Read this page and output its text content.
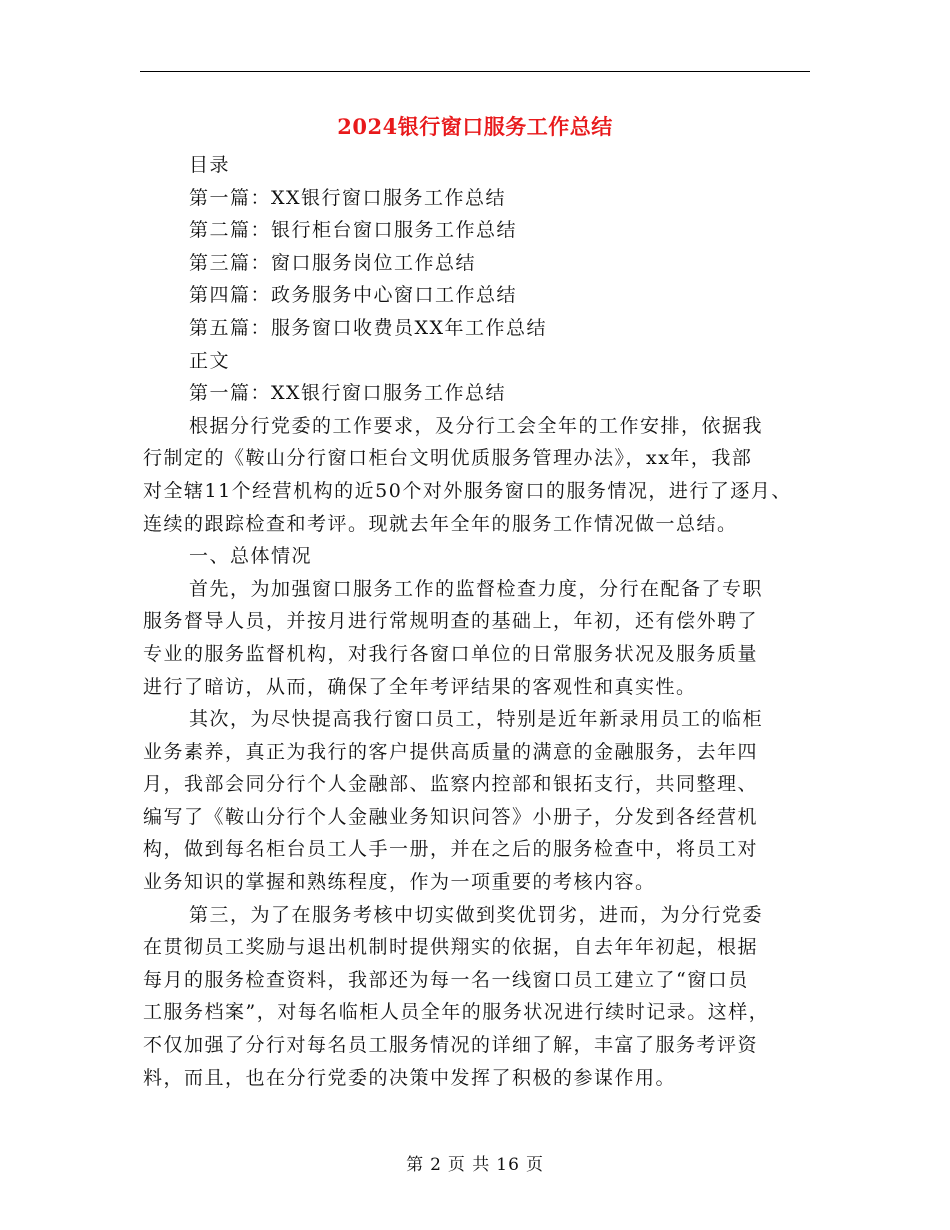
2024银行窗口服务工作总结
目录
第一篇：XX银行窗口服务工作总结
第二篇：银行柜台窗口服务工作总结
第三篇：窗口服务岗位工作总结
第四篇：政务服务中心窗口工作总结
第五篇：服务窗口收费员XX年工作总结
正文
第一篇：XX银行窗口服务工作总结
根据分行党委的工作要求，及分行工会全年的工作安排，依据我
行制定的《鞍山分行窗口柜台文明优质服务管理办法》，xx年，我部
对全辖11个经营机构的近50个对外服务窗口的服务情况，进行了逐月、
连续的跟踪检查和考评。现就去年全年的服务工作情况做一总结。
一、总体情况
首先，为加强窗口服务工作的监督检查力度，分行在配备了专职
服务督导人员，并按月进行常规明查的基础上，年初，还有偿外聘了
专业的服务监督机构，对我行各窗口单位的日常服务状况及服务质量
进行了暗访，从而，确保了全年考评结果的客观性和真实性。
其次，为尽快提高我行窗口员工，特别是近年新录用员工的临柜
业务素养，真正为我行的客户提供高质量的满意的金融服务，去年四
月，我部会同分行个人金融部、监察内控部和银拓支行，共同整理、
编写了《鞍山分行个人金融业务知识问答》小册子，分发到各经营机
构，做到每名柜台员工人手一册，并在之后的服务检查中，将员工对
业务知识的掌握和熟练程度，作为一项重要的考核内容。
第三，为了在服务考核中切实做到奖优罚劣，进而，为分行党委
在贯彻员工奖励与退出机制时提供翔实的依据，自去年年初起，根据
每月的服务检查资料，我部还为每一名一线窗口员工建立了“窗口员
工服务档案”，对每名临柜人员全年的服务状况进行续时记录。这样，
不仅加强了分行对每名员工服务情况的详细了解，丰富了服务考评资
料，而且，也在分行党委的决策中发挥了积极的参谋作用。
第 2 页 共 16 页
